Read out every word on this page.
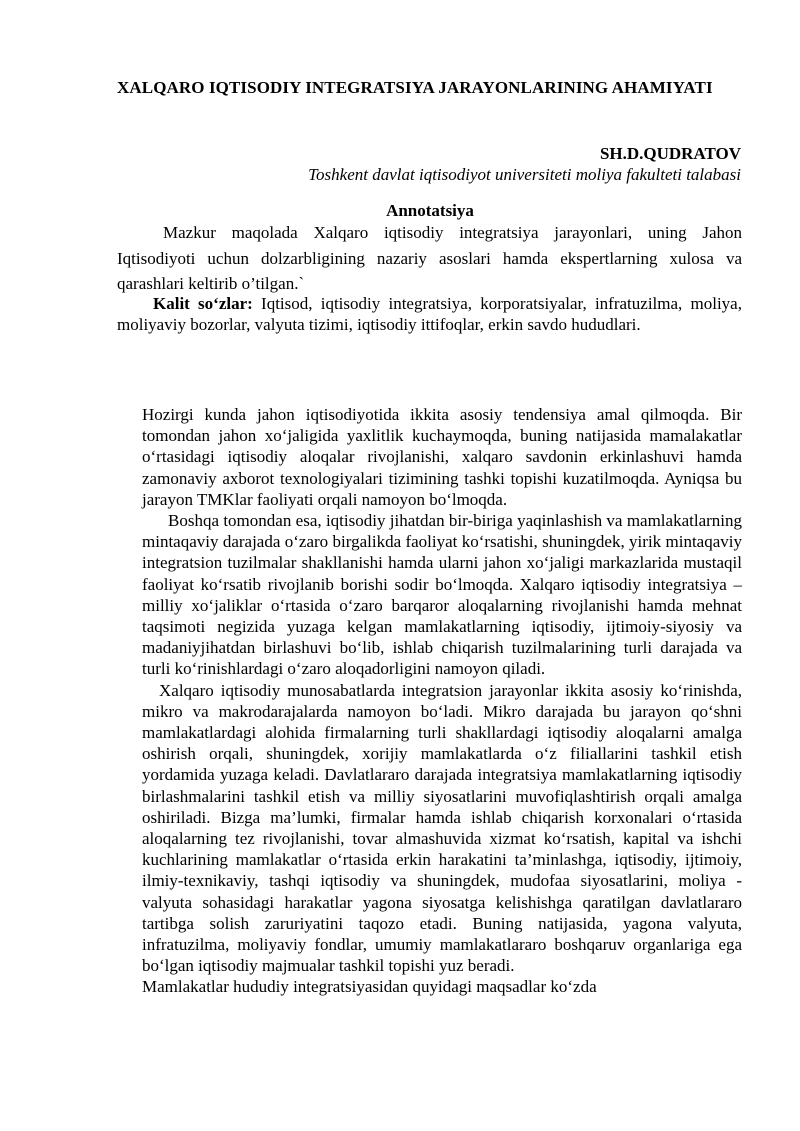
XALQARO IQTISODIY INTEGRATSIYA JARAYONLARINING AHAMIYATI
SH.D.QUDRATOV
Toshkent davlat iqtisodiyot universiteti moliya fakulteti talabasi
Annotatsiya

Mazkur maqolada Xalqaro iqtisodiy integratsiya jarayonlari, uning Jahon Iqtisodiyoti uchun dolzarbligining nazariy asoslari hamda ekspertlarning xulosa va qarashlari keltirib o’tilgan.`

Kalit so‘zlar: Iqtisod, iqtisodiy integratsiya, korporatsiyalar, infratuzilma, moliya, moliyaviy bozorlar, valyuta tizimi, iqtisodiy ittifoqlar, erkin savdo hududlari.

Hozirgi kunda jahon iqtisodiyotida ikkita asosiy tendensiya amal qilmoqda. Bir tomondan jahon xo‘jaligida yaxlitlik kuchaymoqda, buning natijasida mamalakatlar o‘rtasidagi iqtisodiy aloqalar rivojlanishi, xalqaro savdonin erkinlashuvi hamda zamonaviy axborot texnologiyalari tizimining tashki topishi kuzatilmoqda. Ayniqsa bu jarayon TMKlar faoliyati orqali namoyon bo‘lmoqda.

Boshqa tomondan esa, iqtisodiy jihatdan bir-biriga yaqinlashish va mamlakatlarning mintaqaviy darajada o‘zaro birgalikda faoliyat ko‘rsatishi, shuningdek, yirik mintaqaviy integratsion tuzilmalar shakllanishi hamda ularni jahon xo‘jaligi markazlarida mustaqil faoliyat ko‘rsatib rivojlanib borishi sodir bo‘lmoqda. Xalqaro iqtisodiy integratsiya – milliy xo‘jaliklar o‘rtasida o‘zaro barqaror aloqalarning rivojlanishi hamda mehnat taqsimoti negizida yuzaga kelgan mamlakatlarning iqtisodiy, ijtimoiy-siyosiy va madaniyjihatdan birlashuvi bo‘lib, ishlab chiqarish tuzilmalarining turli darajada va turli ko‘rinishlardagi o‘zaro aloqadorligini namoyon qiladi.

Xalqaro iqtisodiy munosabatlarda integratsion jarayonlar ikkita asosiy ko‘rinishda, mikro va makrodarajalarda namoyon bo‘ladi. Mikro darajada bu jarayon qo‘shni mamlakatlardagi alohida firmalarning turli shakllardagi iqtisodiy aloqalarni amalga oshirish orqali, shuningdek, xorijiy mamlakatlarda o‘z filiallarini tashkil etish yordamida yuzaga keladi. Davlatlararo darajada integratsiya mamlakatlarning iqtisodiy birlashmalarini tashkil etish va milliy siyosatlarini muvofiqlashtirish orqali amalga oshiriladi. Bizga ma’lumki, firmalar hamda ishlab chiqarish korxonalari o‘rtasida aloqalarning tez rivojlanishi, tovar almashuvida xizmat ko‘rsatish, kapital va ishchi kuchlarining mamlakatlar o‘rtasida erkin harakatini ta’minlashga, iqtisodiy, ijtimoiy, ilmiy-texnikaviy, tashqi iqtisodiy va shuningdek, mudofaa siyosatlarini, moliya - valyuta sohasidagi harakatlar yagona siyosatga kelishishga qaratilgan davlatlararo tartibga solish zaruriyatini taqozo etadi. Buning natijasida, yagona valyuta, infratuzilma, moliyaviy fondlar, umumiy mamlakatlararo boshqaruv organlariga ega bo‘lgan iqtisodiy majmualar tashkil topishi yuz beradi.

Mamlakatlar hududiy integratsiyasidan quyidagi maqsadlar ko‘zda
